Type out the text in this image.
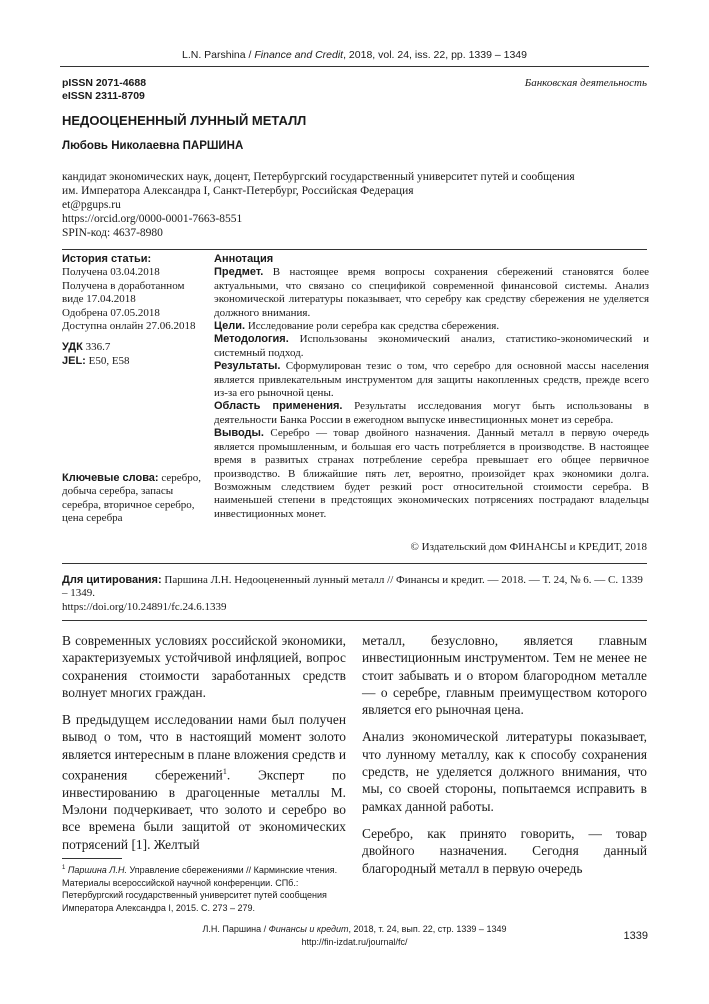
L.N. Parshina / Finance and Credit, 2018, vol. 24, iss. 22, pp. 1339 – 1349
pISSN 2071-4688
eISSN 2311-8709
Банковская деятельность
НЕДООЦЕНЕННЫЙ ЛУННЫЙ МЕТАЛЛ
Любовь Николаевна ПАРШИНА
кандидат экономических наук, доцент, Петербургский государственный университет путей и сообщения
им. Императора Александра I, Санкт-Петербург, Российская Федерация
et@pgups.ru
https://orcid.org/0000-0001-7663-8551
SPIN-код: 4637-8980
История статьи:
Получена 03.04.2018
Получена в доработанном виде 17.04.2018
Одобрена 07.05.2018
Доступна онлайн 27.06.2018
УДК 336.7
JEL: E50, E58
Ключевые слова: серебро, добыча серебра, запасы серебра, вторичное серебро, цена серебра

Аннотация

Предмет. В настоящее время вопросы сохранения сбережений становятся более актуальными, что связано со спецификой современной финансовой системы. Анализ экономической литературы показывает, что серебру как средству сбережения не уделяется должного внимания.

Цели. Исследование роли серебра как средства сбережения.

Методология. Использованы экономический анализ, статистико-экономический и системный подход.

Результаты. Сформулирован тезис о том, что серебро для основной массы населения является привлекательным инструментом для защиты накопленных средств, прежде всего из-за его рыночной цены.

Область применения. Результаты исследования могут быть использованы в деятельности Банка России в ежегодном выпуске инвестиционных монет из серебра.

Выводы. Серебро — товар двойного назначения. Данный металл в первую очередь является промышленным, и большая его часть потребляется в производстве. В настоящее время в развитых странах потребление серебра превышает его общее первичное производство. В ближайшие пять лет, вероятно, произойдет крах экономики долга. Возможным следствием будет резкий рост относительной стоимости серебра. В наименьшей степени в предстоящих экономических потрясениях пострадают владельцы инвестиционных монет.

© Издательский дом ФИНАНСЫ и КРЕДИТ, 2018
Для цитирования: Паршина Л.Н. Недооцененный лунный металл // Финансы и кредит. — 2018. — Т. 24, № 6. — С. 1339 – 1349.
https://doi.org/10.24891/fc.24.6.1339

В современных условиях российской экономики, характеризуемых устойчивой инфляцией, вопрос сохранения стоимости заработанных средств волнует многих граждан.

В предыдущем исследовании нами был получен вывод о том, что в настоящий момент золото является интересным в плане вложения средств и сохранения сбережений$^1$. Эксперт по инвестированию в драгоценные металлы М. Мэлони подчеркивает, что золото и серебро во все времена были защитой от экономических потрясений [1]. Желтый

металл, безусловно, является главным инвестиционным инструментом. Тем не менее не стоит забывать и о втором благородном металле — о серебре, главным преимуществом которого является его рыночная цена.

Анализ экономической литературы показывает, что лунному металлу, как к способу сохранения средств, не уделяется должного внимания, что мы, со своей стороны, попытаемся исправить в рамках данной работы.

Серебро, как принято говорить, — товар двойного назначения. Сегодня данный благородный металл в первую очередь

$^1$ Паршина Л.Н. Управление сбережениями // Карминские чтения. Материалы всероссийской научной конференции. СПб.: Петербургский государственный университет путей сообщения Императора Александра I, 2015. С. 273 – 279.
Л.Н. Паршина / Финансы и кредит, 2018, т. 24, вып. 22, стр. 1339 – 1349
http://fin-izdat.ru/journal/fc/	1339
